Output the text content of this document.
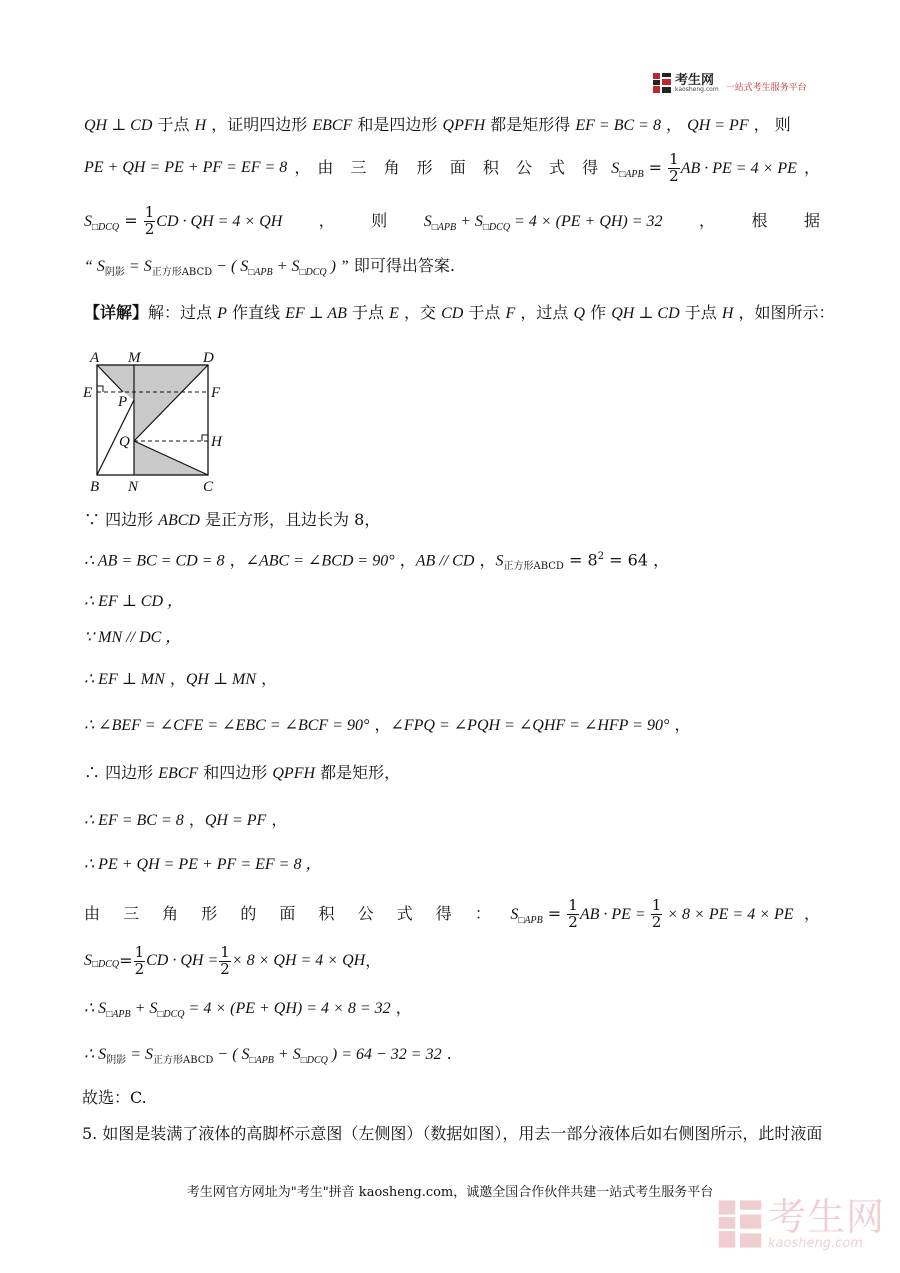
考生网
kaosheng.com 一站式考生服务平台
QH ⊥ CD 于点 H ，证明四边形 EBCF 和是四边形 QPFH 都是矩形得 EF = BC = 8 ， QH = PF ， 则
PE + QH = PE + PF = EF = 8 ， 由 三 角 形 面 积 公 式 得 $S_{□APB} = \frac{1}{2}$ AB · PE = 4 × PE ，
$S_{□DCQ} = \frac{1}{2}$ CD · QH = 4 × QH ， 则 $S_{□APB} + S_{□DCQ} = 4 \times (PE + QH) = 32$ ， 根 据
“ $S_{阴影} = S_{正方形ABCD}$ − ( $S_{□APB} + S_{□DCQ}$ ) ” 即可得出答案.
【详解】解：过点 P 作直线 EF ⊥ AB 于点 E ，交 CD 于点 F ，过点 Q 作 QH ⊥ CD 于点 H ，如图所示：
A M	D
E	F
P
Q	H
B N	C
∵ 四边形 ABCD 是正方形，且边长为 8，
∴ AB = BC = CD = 8 ，∠ABC = ∠BCD = 90° ，AB // CD ，$S_{正方形ABCD} = 8^2 = 64$ ，
∴ EF ⊥ CD ，
∵ MN // DC ，
∴ EF ⊥ MN ，QH ⊥ MN ，
∴ ∠BEF = ∠CFE = ∠EBC = ∠BCF = 90° ，∠FPQ = ∠PQH = ∠QHF = ∠HFP = 90° ，
∴ 四边形 EBCF 和四边形 QPFH 都是矩形，
∴ EF = BC = 8 ，QH = PF ，
∴ PE + QH = PE + PF = EF = 8 ，
由 三 角 形 的 面 积 公 式 得 ： $S_{□APB} = \frac{1}{2}$ AB · PE = $\frac{1}{2} \times 8$ × PE = 4 × PE ，
S □DCQ = $\frac{1}{2}$ CD · QH = $\frac{1}{2} \times 8$ × QH = 4 × QH ，
∴ $S_{□APB} + S_{□DCQ} = 4 \times (PE + QH) = 4 \times 8 = 32$ ，
∴ $S_{阴影} = S_{正方形ABCD}$ − ( $S_{□APB} + S_{□DCQ}$ ) = 64 − 32 = 32 .
故选：C.
5. 如图是装满了液体的高脚杯示意图（左侧图）（数据如图），用去一部分液体后如右侧图所示，此时液面
考生网官方网址为"考生"拼音 kaosheng.com，诚邀全国合作伙伴共建一站式考生服务平台
考生网
kaosheng.com
